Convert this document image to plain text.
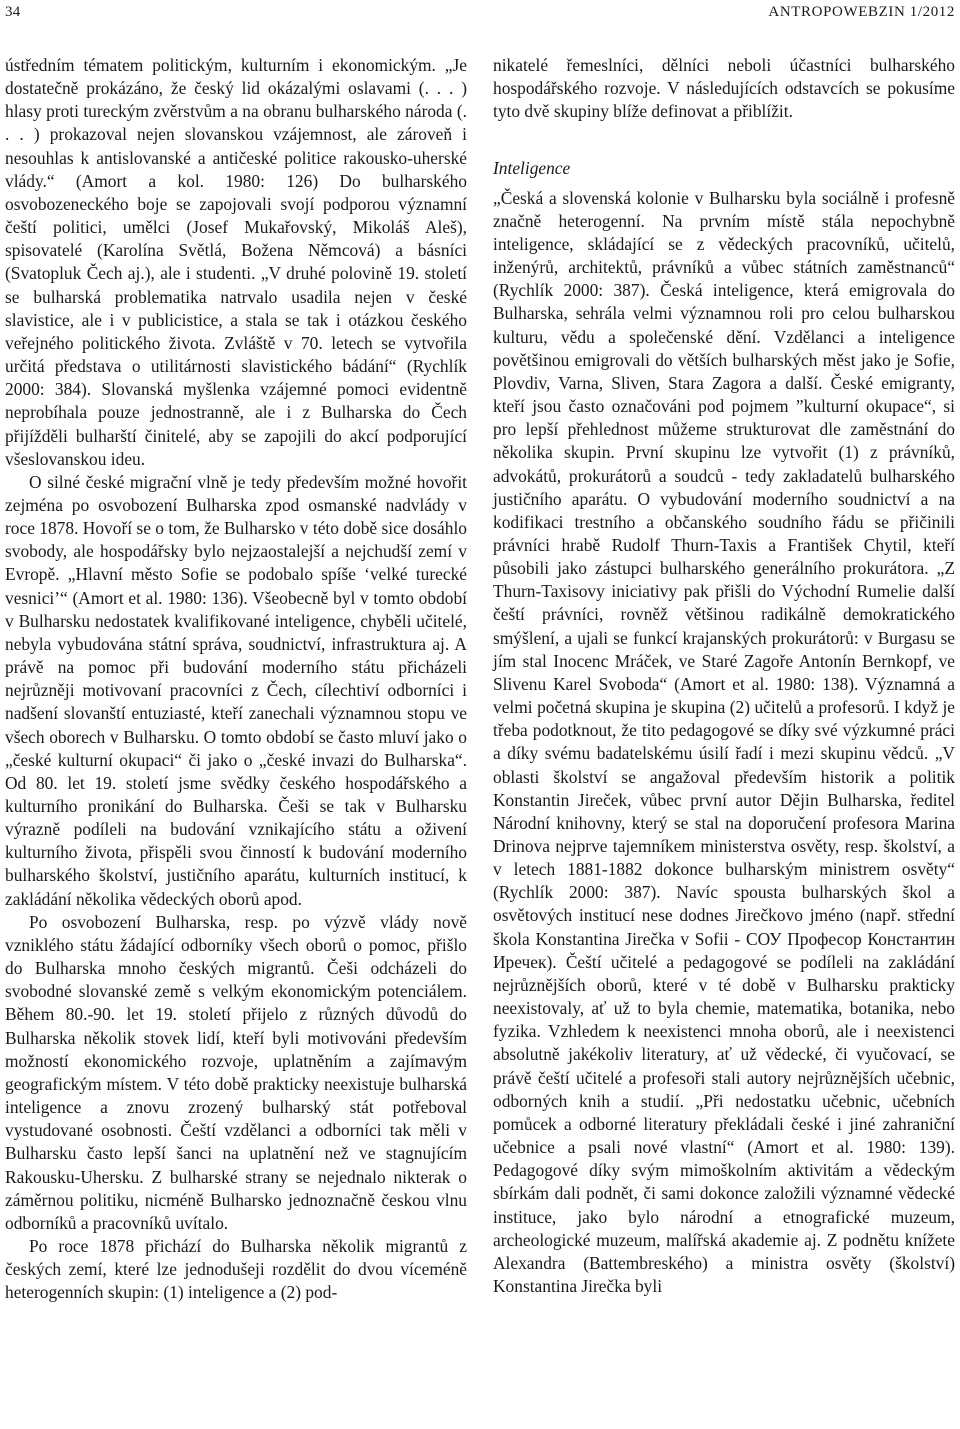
34	ANTROPOWEBZIN 1/2012

ústředním tématem politickým, kulturním i ekonomickým. „Je dostatečně prokázáno, že český lid okázalými oslavami (. . . ) hlasy proti tureckým zvěrstvům a na obranu bulharského národa (. . . ) prokazoval nejen slovanskou vzájemnost, ale zároveň i nesouhlas k antislovanské a antičeské politice rakousko-uherské vlády.“ (Amort a kol. 1980: 126) Do bulharského osvobozeneckého boje se zapojovali svojí podporou významní čeští politici, umělci (Josef Mukařovský, Mikoláš Aleš), spisovatelé (Karolína Světlá, Božena Němcová) a básníci (Svatopluk Čech aj.), ale i studenti. „V druhé polovině 19. století se bulharská problematika natrvalo usadila nejen v české slavistice, ale i v publicistice, a stala se tak i otázkou českého veřejného politického života. Zvláště v 70. letech se vytvořila určitá představa o utilitárnosti slavistického bádání“ (Rychlík 2000: 384). Slovanská myšlenka vzájemné pomoci evidentně neprobíhala pouze jednostranně, ale i z Bulharska do Čech přijížděli bulharští činitelé, aby se zapojili do akcí podporující všeslovanskou ideu.

O silné české migrační vlně je tedy především možné hovořit zejména po osvobození Bulharska zpod osmanské nadvlády v roce 1878. Hovoří se o tom, že Bulharsko v této době sice dosáhlo svobody, ale hospodářsky bylo nejzaostalejší a nejchudší zemí v Evropě. „Hlavní město Sofie se podobalo spíše ‘velké turecké vesnici’“ (Amort et al. 1980: 136). Všeobecně byl v tomto období v Bulharsku nedostatek kvalifikované inteligence, chyběli učitelé, nebyla vybudována státní správa, soudnictví, infrastruktura aj. A právě na pomoc při budování moderního státu přicházeli nejrůzněji motivovaní pracovníci z Čech, cílechtiví odborníci i nadšení slovanští entuziasté, kteří zanechali významnou stopu ve všech oborech v Bulharsku. O tomto období se často mluví jako o „české kulturní okupaci“ či jako o „české invazi do Bulharska“. Od 80. let 19. století jsme svědky českého hospodářského a kulturního pronikání do Bulharska. Češi se tak v Bulharsku výrazně podíleli na budování vznikajícího státu a oživení kulturního života, přispěli svou činností k budování moderního bulharského školství, justičního aparátu, kulturních institucí, k zakládání několika vědeckých oborů apod.

Po osvobození Bulharska, resp. po výzvě vlády nově vzniklého státu žádající odborníky všech oborů o pomoc, přišlo do Bulharska mnoho českých migrantů. Češi odcházeli do svobodné slovanské země s velkým ekonomickým potenciálem. Během 80.-90. let 19. století přijelo z různých důvodů do Bulharska několik stovek lidí, kteří byli motivováni především možností ekonomického rozvoje, uplatněním a zajímavým geografickým místem. V této době prakticky neexistuje bulharská inteligence a znovu zrozený bulharský stát potřeboval vystudované osobnosti. Čeští vzdělanci a odborníci tak měli v Bulharsku často lepší šanci na uplatnění než ve stagnujícím Rakousku-Uhersku. Z bulharské strany se nejednalo nikterak o záměrnou politiku, nicméně Bulharsko jednoznačně českou vlnu odborníků a pracovníků uvítalo.

Po roce 1878 přichází do Bulharska několik migrantů z českých zemí, které lze jednodušeji rozdělit do dvou víceméně heterogenních skupin: (1) inteligence a (2) pod-

nikatelé řemeslníci, dělníci neboli účastníci bulharského hospodářského rozvoje. V následujících odstavcích se pokusíme tyto dvě skupiny blíže definovat a přiblížit.

Inteligence

„Česká a slovenská kolonie v Bulharsku byla sociálně i profesně značně heterogenní. Na prvním místě stála nepochybně inteligence, skládající se z vědeckých pracovníků, učitelů, inženýrů, architektů, právníků a vůbec státních zaměstnanců“ (Rychlík 2000: 387). Česká inteligence, která emigrovala do Bulharska, sehrála velmi významnou roli pro celou bulharskou kulturu, vědu a společenské dění. Vzdělanci a inteligence povětšinou emigrovali do větších bulharských měst jako je Sofie, Plovdiv, Varna, Sliven, Stara Zagora a další. České emigranty, kteří jsou často označováni pod pojmem ”kulturní okupace“, si pro lepší přehlednost můžeme strukturovat dle zaměstnání do několika skupin. První skupinu lze vytvořit (1) z právníků, advokátů, prokurátorů a soudců - tedy zakladatelů bulharského justičního aparátu. O vybudování moderního soudnictví a na kodifikaci trestního a občanského soudního řádu se přičinili právníci hrabě Rudolf Thurn-Taxis a František Chytil, kteří působili jako zástupci bulharského generálního prokurátora. „Z Thurn-Taxisovy iniciativy pak přišli do Východní Rumelie další čeští právníci, rovněž většinou radikálně demokratického smýšlení, a ujali se funkcí krajanských prokurátorů: v Burgasu se jím stal Inocenc Mráček, ve Staré Zagoře Antonín Bernkopf, ve Slivenu Karel Svoboda“ (Amort et al. 1980: 138). Významná a velmi početná skupina je skupina (2) učitelů a profesorů. I když je třeba podotknout, že tito pedagogové se díky své výzkumné práci a díky svému badatelskému úsilí řadí i mezi skupinu vědců. „V oblasti školství se angažoval především historik a politik Konstantin Jireček, vůbec první autor Dějin Bulharska, ředitel Národní knihovny, který se stal na doporučení profesora Marina Drinova nejprve tajemníkem ministerstva osvěty, resp. školství, a v letech 1881-1882 dokonce bulharským ministrem osvěty“ (Rychlík 2000: 387). Navíc spousta bulharských škol a osvětových institucí nese dodnes Jirečkovo jméno (např. střední škola Konstantina Jirečka v Sofii - СОУ Професор Константин Иречек). Čeští učitelé a pedagogové se podíleli na zakládání nejrůznějších oborů, které v té době v Bulharsku prakticky neexistovaly, ať už to byla chemie, matematika, botanika, nebo fyzika. Vzhledem k neexistenci mnoha oborů, ale i neexistenci absolutně jakékoliv literatury, ať už vědecké, či vyučovací, se právě čeští učitelé a profesoři stali autory nejrůznějších učebnic, odborných knih a studií. „Při nedostatku učebnic, učebních pomůcek a odborné literatury překládali české i jiné zahraniční učebnice a psali nové vlastní“ (Amort et al. 1980: 139). Pedagogové díky svým mimoškolním aktivitám a vědeckým sbírkám dali podnět, či sami dokonce založili významné vědecké instituce, jako bylo národní a etnografické muzeum, archeologické muzeum, malířská akademie aj. Z podnětu knížete Alexandra (Battembreského) a ministra osvěty (školství) Konstantina Jirečka byli
